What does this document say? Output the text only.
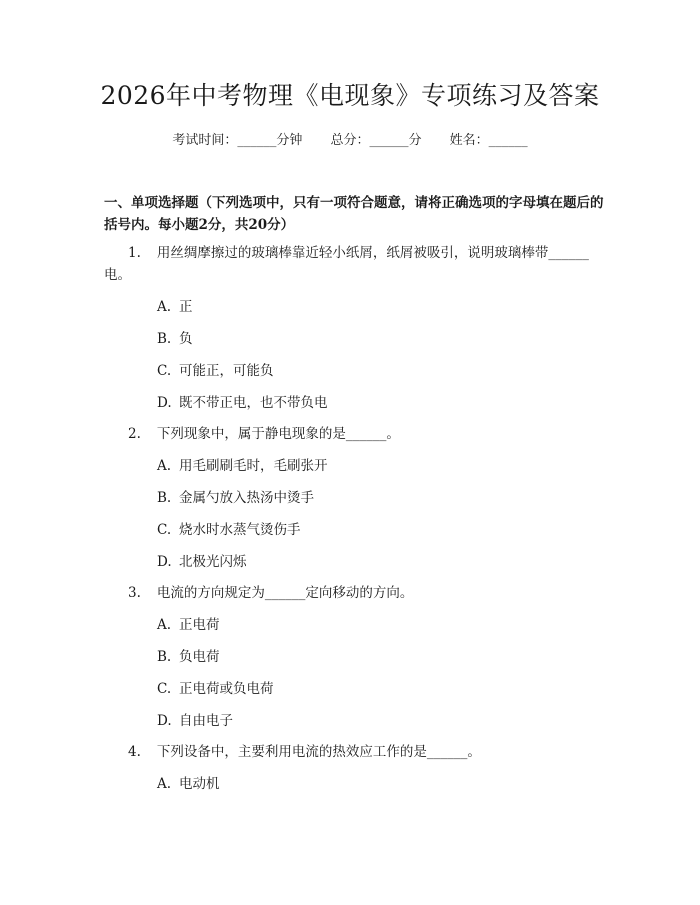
2026年中考物理《电现象》专项练习及答案
考试时间：______分钟 总分：______分 姓名：______

一、单项选择题（下列选项中，只有一项符合题意，请将正确选项的字母填在题后的括号内。每小题2分，共20分）

1. 用丝绸摩擦过的玻璃棒靠近轻小纸屑，纸屑被吸引，说明玻璃棒带______电。

A. 正
B. 负
C. 可能正，可能负
D. 既不带正电，也不带负电

2. 下列现象中，属于静电现象的是______。

A. 用毛刷刷毛时，毛刷张开
B. 金属勺放入热汤中烫手
C. 烧水时水蒸气烫伤手
D. 北极光闪烁

3. 电流的方向规定为______定向移动的方向。

A. 正电荷
B. 负电荷
C. 正电荷或负电荷
D. 自由电子

4. 下列设备中，主要利用电流的热效应工作的是______。

A. 电动机
